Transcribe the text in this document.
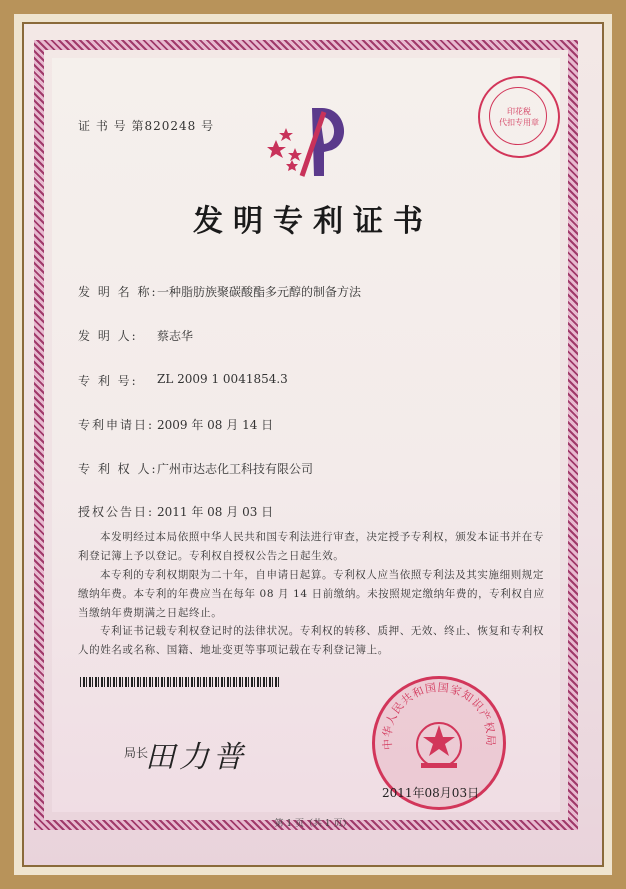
证 书 号 第820248 号
印花税
代扣专用章
发明专利证书
发 明 名 称: 一种脂肪族聚碳酸酯多元醇的制备方法
发 明 人: 蔡志华
专 利 号: ZL 2009 1 0041854.3
专利申请日: 2009 年 08 月 14 日
专 利 权 人: 广州市达志化工科技有限公司
授权公告日: 2011 年 08 月 03 日
本发明经过本局依照中华人民共和国专利法进行审查，决定授予专利权，颁发本证书并在专利登记簿上予以登记。专利权自授权公告之日起生效。
本专利的专利权期限为二十年，自申请日起算。专利权人应当依照专利法及其实施细则规定缴纳年费。本专利的年费应当在每年 08 月 14 日前缴纳。未按照规定缴纳年费的，专利权自应当缴纳年费期满之日起终止。
专利证书记载专利权登记时的法律状况。专利权的转移、质押、无效、终止、恢复和专利权人的姓名或名称、国籍、地址变更等事项记载在专利登记簿上。
局长
田力普	中华人民共和国国家知识产权局
2011年08月03日
第 1 页（共 1 页）
